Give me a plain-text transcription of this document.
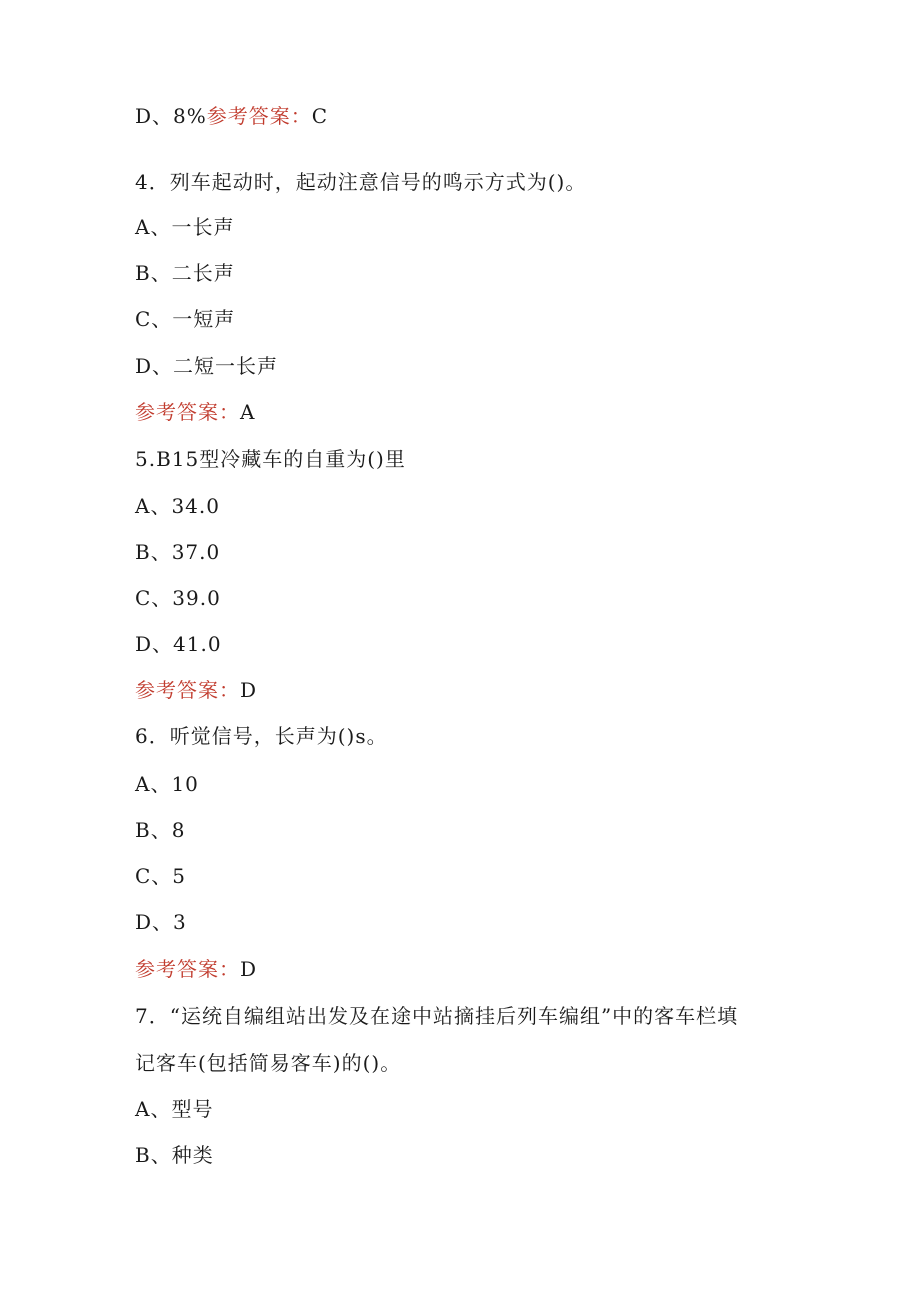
D、8%参考答案：C
4．列车起动时，起动注意信号的鸣示方式为()。
A、一长声
B、二长声
C、一短声
D、二短一长声
参考答案：A
5.B15型冷藏车的自重为()里
A、34.0
B、37.0
C、39.0
D、41.0
参考答案：D
6．听觉信号，长声为()s。
A、10
B、8
C、5
D、3
参考答案：D
7．“运统自编组站出发及在途中站摘挂后列车编组”中的客车栏填
记客车(包括简易客车)的()。
A、型号
B、种类
